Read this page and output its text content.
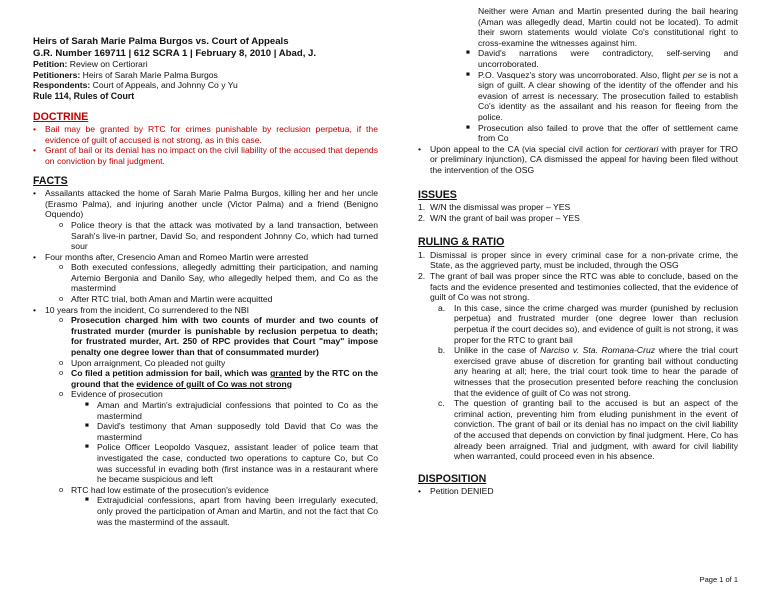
Heirs of Sarah Marie Palma Burgos vs. Court of Appeals
G.R. Number 169711 | 612 SCRA 1 | February 8, 2010 | Abad, J.
Petition: Review on Certiorari
Petitioners: Heirs of Sarah Marie Palma Burgos
Respondents: Court of Appeals, and Johnny Co y Yu
Rule 114, Rules of Court
DOCTRINE
• Bail may be granted by RTC for crimes punishable by reclusion perpetua, if the evidence of guilt of accused is not strong, as in this case.
• Grant of bail or its denial has no impact on the civil liability of the accused that depends on conviction by final judgment.
FACTS
• Assailants attacked the home of Sarah Marie Palma Burgos, killing her and her uncle (Erasmo Palma), and injuring another uncle (Victor Palma) and a friend (Benigno Oquendo)
o Police theory is that the attack was motivated by a land transaction, between Sarah's live-in partner, David So, and respondent Johnny Co, which had turned sour
• Four months after, Cresencio Aman and Romeo Martin were arrested
o Both executed confessions, allegedly admitting their participation, and naming Artemio Bergonia and Danilo Say, who allegedly helped them, and Co as the mastermind
o After RTC trial, both Aman and Martin were acquitted
• 10 years from the incident, Co surrendered to the NBI
o Prosecution charged him with two counts of murder and two counts of frustrated murder (murder is punishable by reclusion perpetua to death; for frustrated murder, Art. 250 of RPC provides that Court "may" impose penalty one degree lower than that of consummated murder)
o Upon arraignment, Co pleaded not guilty
o Co filed a petition admission for bail, which was granted by the RTC on the ground that the evidence of guilt of Co was not strong
o Evidence of prosecution
■ Aman and Martin's extrajudicial confessions that pointed to Co as the mastermind
■ David's testimony that Aman supposedly told David that Co was the mastermind
■ Police Officer Leopoldo Vasquez, assistant leader of police team that investigated the case, conducted two operations to capture Co, but Co was successful in evading both (first instance was in a restaurant where he became suspicious and left
o RTC had low estimate of the prosecution's evidence
■ Extrajudicial confessions, apart from having been irregularly executed, only proved the participation of Aman and Martin, and not the fact that Co was the mastermind of the assault.
Neither were Aman and Martin presented during the bail hearing (Aman was allegedly dead, Martin could not be located). To admit their sworn statements would violate Co's constitutional right to cross-examine the witnesses against him.
■ David's narrations were contradictory, self-serving and uncorroborated.
■ P.O. Vasquez's story was uncorroborated. Also, flight per se is not a sign of guilt. A clear showing of the identity of the offender and his evasion of arrest is necessary. The prosecution failed to establish Co's identity as the assailant and his reason for fleeing from the police.
■ Prosecution also failed to prove that the offer of settlement came from Co
• Upon appeal to the CA (via special civil action for certiorari with prayer for TRO or preliminary injunction), CA dismissed the appeal for having been filed without the intervention of the OSG
ISSUES
1. W/N the dismissal was proper – YES
2. W/N the grant of bail was proper – YES
RULING & RATIO
1. Dismissal is proper since in every criminal case for a non-private crime, the State, as the aggrieved party, must be included, through the OSG
2. The grant of bail was proper since the RTC was able to conclude, based on the facts and the evidence presented and testimonies collected, that the evidence of guilt of Co was not strong.
a. In this case, since the crime charged was murder (punished by reclusion perpetua) and frustrated murder (one degree lower than reclusion perpetua if the court decides so), and evidence of guilt is not strong, it was proper for the RTC to grant bail
b. Unlike in the case of Narciso v. Sta. Romana-Cruz where the trial court exercised grave abuse of discretion for granting bail without conducting any hearing at all; here, the trial court took time to hear the parade of witnesses that the prosecution presented before reaching the conclusion that the evidence of guilt of Co was not strong.
c. The question of granting bail to the accused is but an aspect of the criminal action, preventing him from eluding punishment in the event of conviction. The grant of bail or its denial has no impact on the civil liability of the accused that depends on conviction by final judgment. Here, Co has already been arraigned. Trial and judgment, with award for civil liability when warranted, could proceed even in his absence.
DISPOSITION
• Petition DENIED
Page 1 of 1
